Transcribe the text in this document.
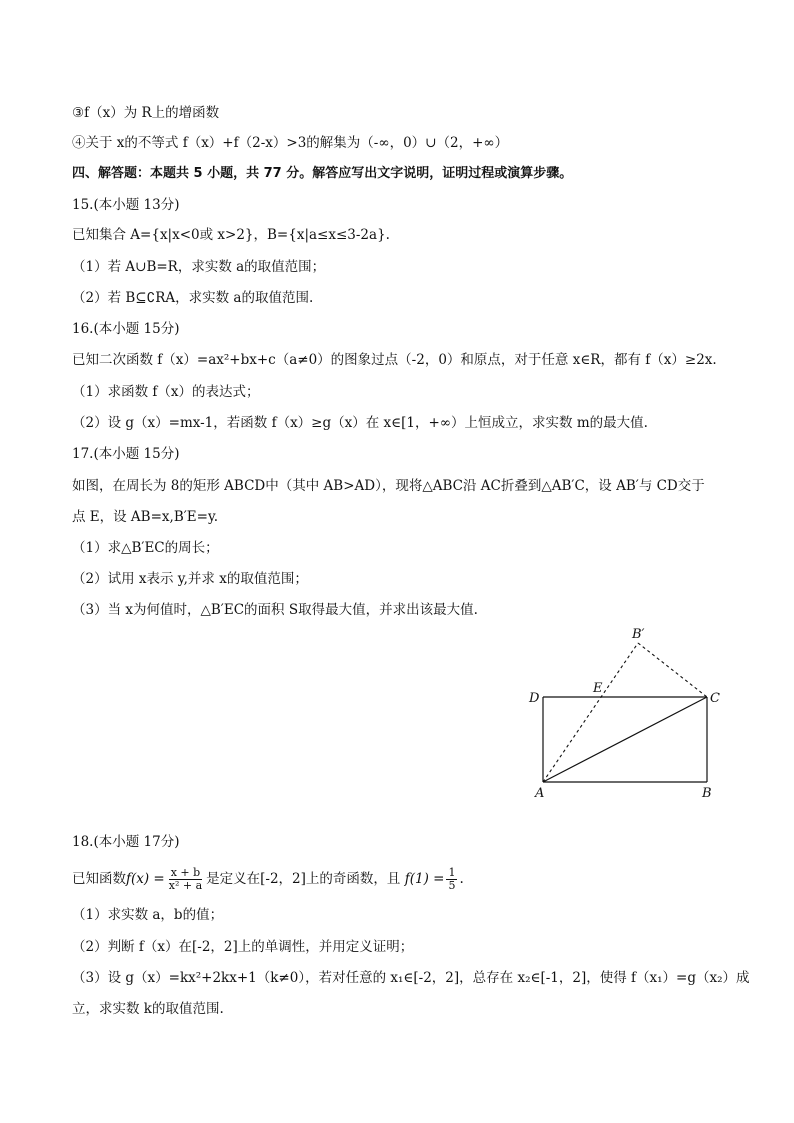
③f（x）为 R上的增函数
④关于 x的不等式 f（x）+f（2-x）>3的解集为（-∞，0）∪（2，+∞）
四、解答题：本题共 5 小题，共 77 分。解答应写出文字说明，证明过程或演算步骤。
15.(本小题 13分)
已知集合 A={x|x<0或 x>2}，B={x|a≤x≤3-2a}.
（1）若 A∪B=R，求实数 a的取值范围；
（2）若 B⊆∁RA，求实数 a的取值范围.
16.(本小题 15分)
已知二次函数 f（x）=ax²+bx+c（a≠0）的图象过点（-2，0）和原点，对于任意 x∈R，都有 f（x）≥2x.
（1）求函数 f（x）的表达式；
（2）设 g（x）=mx-1，若函数 f（x）≥g（x）在 x∈[1，+∞）上恒成立，求实数 m的最大值.
17.(本小题 15分)
如图，在周长为 8的矩形 ABCD中（其中 AB>AD），现将△ABC沿 AC折叠到△AB′C，设 AB′与 CD交于
点 E，设 AB=x,B′E=y.
（1）求△B′EC的周长；
（2）试用 x表示 y,并求 x的取值范围；
（3）当 x为何值时，△B′EC的面积 S取得最大值，并求出该最大值.
B′
E
D	C
A	B
18.(本小题 17分)
已知函数$f(x) = \frac{x + b}{\text{x² + a}}$ 是定义在[-2，2]上的奇函数，且 $f(1) = \frac{1}{5}$ .
（1）求实数 a，b的值；
（2）判断 f（x）在[-2，2]上的单调性，并用定义证明；
（3）设 g（x）=kx²+2kx+1（k≠0），若对任意的 x₁∈[-2，2]，总存在 x₂∈[-1，2]，使得 f（x₁）=g（x₂）成
立，求实数 k的取值范围.
